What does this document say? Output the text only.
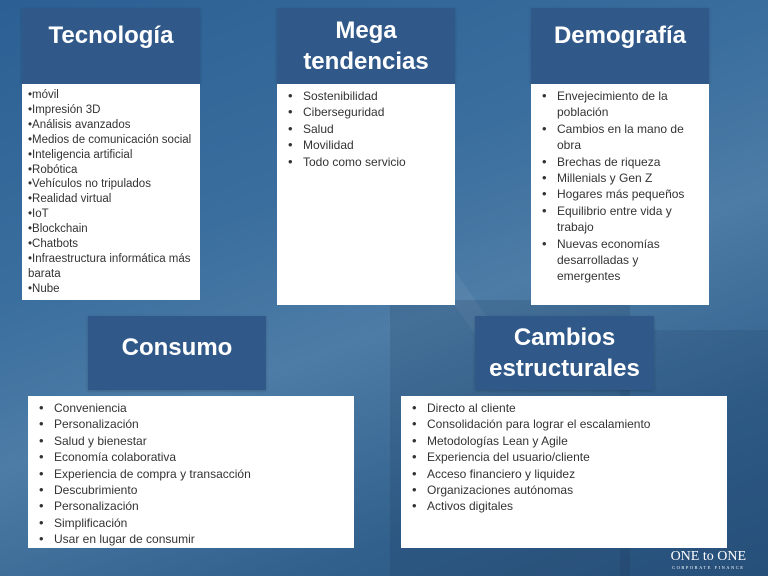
Tecnología
• móvil
• Impresión 3D
• Análisis avanzados
• Medios de comunicación social
• Inteligencia artificial
• Robótica
• Vehículos no tripulados
• Realidad virtual
• IoT
• Blockchain
• Chatbots
• Infraestructura informática más barata
• Nube
Mega tendencias
• Sostenibilidad
• Ciberseguridad
• Salud
• Movilidad
• Todo como servicio
Demografía
• Envejecimiento de la población
• Cambios en la mano de obra
• Brechas de riqueza
• Millenials y Gen Z
• Hogares más pequeños
• Equilibrio entre vida y trabajo
• Nuevas economías desarrolladas y emergentes
Consumo
• Conveniencia
• Personalización
• Salud y bienestar
• Economía colaborativa
• Experiencia de compra y transacción
• Descubrimiento
• Personalización
• Simplificación
• Usar en lugar de consumir
Cambios estructurales
• Directo al cliente
• Consolidación para lograr el escalamiento
• Metodologías Lean y Agile
• Experiencia del usuario/cliente
• Acceso financiero y liquidez
• Organizaciones autónomas
• Activos digitales
ONE to ONE
CORPORATE FINANCE
